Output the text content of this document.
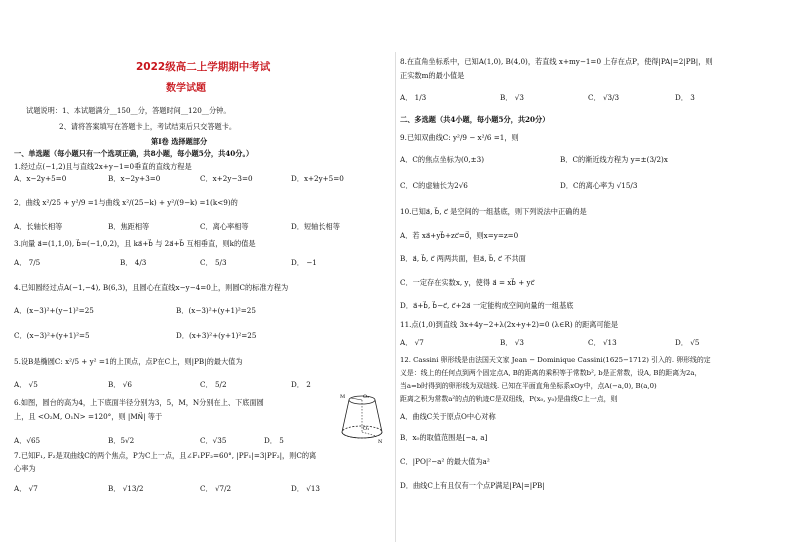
2022级高二上学期期中考试
数学试题
试题说明：1、本试题满分__150__分，答题时间__120__分钟。
2、请将答案填写在答题卡上，考试结束后只交答题卡。
第Ⅰ卷 选择题部分
一、单选题（每小题只有一个选项正确，共8小题，每小题5分，共40分。）
1.经过点(−1,2)且与直线2x+y−1=0垂直的直线方程是
A．x−2y+5=0	B．x−2y+3=0	C．x+2y−3=0	D．x+2y+5=0
2．曲线 x²/25 + y²/9 =1与曲线 x²/(25−k) + y²/(9−k) =1(k<9)的
A．长轴长相等	B．焦距相等	C．离心率相等	D．短轴长相等
3.向量 a⃗=(1,1,0), b⃗=(−1,0,2)，且 ka⃗+b⃗ 与 2a⃗+b⃗ 互相垂直，则k的值是
A． 7/5	B． 4/3	C． 5/3	D． −1
4.已知圆经过点A(−1,−4), B(6,3)，且圆心在直线x−y−4=0上，则圆C的标准方程为
A．(x−3)²+(y−1)²=25	B．(x−3)²+(y+1)²=25
C．(x−3)²+(y+1)²=5	D．(x+3)²+(y+1)²=25
5.设B是椭圆C: x²/5 + y² =1的上顶点，点P在C上，则|PB|的最大值为
A． √5	B． √6	C． 5/2	D． 2
6.如图，圆台的高为4，上下底面半径分别为3，5，M，N分别在上、下底面圆
上，且 <O₂M, O₁N> =120°，则 |MN⃗| 等于
A．√65	B．5√2	C．√35	D． 5
M	O₂
N
O₁
7.已知F₁, F₂是双曲线C的两个焦点，P为C上一点，且∠F₁PF₂=60°, |PF₁|=3|PF₂|，则C的离
心率为
A． √7	B． √13/2	C． √7/2	D． √13
8.在直角坐标系中，已知A(1,0), B(4,0)，若直线 x+my−1=0 上存在点P，使得|PA|=2|PB|，则
正实数m的最小值是
A． 1/3	B． √3	C． √3/3	D． 3
二、多选题（共4小题，每小题5分，共20分）
9.已知双曲线C: y²/9 − x²/6 =1，则
A．C的焦点坐标为(0,±3)	B．C的渐近线方程为 y=±(3/2)x
C．C的虚轴长为2√6	D．C的离心率为 √15/3
10.已知a⃗, b⃗, c⃗ 是空间的一组基底，则下列说法中正确的是
A．若 xa⃗+yb⃗+zc⃗=0⃗，则x=y=z=0
B．a⃗, b⃗, c⃗ 两两共面，但a⃗, b⃗, c⃗ 不共面
C．一定存在实数x, y，使得 a⃗ = xb⃗ + yc⃗
D．a⃗+b⃗, b⃗−c⃗, c⃗+2a⃗ 一定能构成空间向量的一组基底
11.点(1,0)到直线 3x+4y−2+λ(2x+y+2)=0 (λ∈R) 的距离可能是
A． √7	B． √3	C． √13	D． √5
12. Cassini 卵形线是由法国天文家 Jean − Dominique Cassini(1625−1712) 引入的. 卵形线的定
义是：线上的任何点到两个固定点A, B的距离的乘积等于常数b², b是正常数，设A, B的距离为2a，
当a=b时得到的卵形线为双纽线. 已知在平面直角坐标系xOy中，点A(−a,0), B(a,0)
距离之积为常数a²的点的轨迹C是双纽线，P(x₀, y₀)是曲线C上一点，则
A．曲线C关于原点O中心对称
B．x₀的取值范围是[−a, a]
C．|PO|²−a² 的最大值为a²
D．曲线C上有且仅有一个点P满足|PA|=|PB|
